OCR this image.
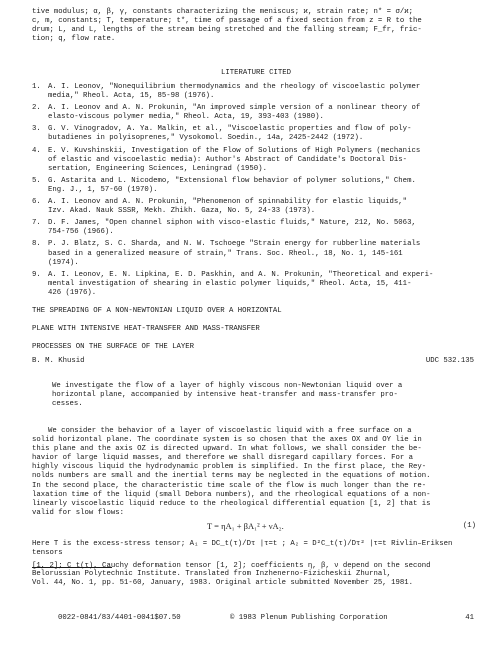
tive modulus; α, β, γ, constants characterizing the meniscus; ϰ, strain rate; n* = σ/ϰ;

c, m, constants; T, temperature; t*, time of passage of a fixed section from z = R to the

drum; L, and L, lengths of the stream being stretched and the falling stream; F_fr, fric-

tion; q, flow rate.

LITERATURE CITED
1. A. I. Leonov, "Nonequilibrium thermodynamics and the rheology of viscoelastic polymer

media," Rheol. Acta, 15, 85-98 (1976).

2. A. I. Leonov and A. N. Prokunin, "An improved simple version of a nonlinear theory of

elasto-viscous polymer media," Rheol. Acta, 19, 393-403 (1980).

3. G. V. Vinogradov, A. Ya. Malkin, et al., "Viscoelastic properties and flow of poly-

butadienes in polyisoprenes," Vysokomol. Soedin., 14a, 2425-2442 (1972).

4. E. V. Kuvshinskii, Investigation of the Flow of Solutions of High Polymers (mechanics

of elastic and viscoelastic media): Author's Abstract of Candidate's Doctoral Dis-

sertation, Engineering Sciences, Leningrad (1950).

5. G. Astarita and L. Nicodemo, "Extensional flow behavior of polymer solutions," Chem.

Eng. J., 1, 57-60 (1970).

6. A. I. Leonov and A. N. Prokunin, "Phenomenon of spinnability for elastic liquids,"

Izv. Akad. Nauk SSSR, Mekh. Zhikh. Gaza, No. 5, 24-33 (1973).

7. D. F. James, "Open channel siphon with visco-elastic fluids," Nature, 212, No. 5063,

754-756 (1966).

8. P. J. Blatz, S. C. Sharda, and N. W. Tschoege "Strain energy for rubberline materials

based in a generalized measure of strain," Trans. Soc. Rheol., 18, No. 1, 145-161

(1974).

9. A. I. Leonov, E. N. Lipkina, E. D. Paskhin, and A. N. Prokunin, "Theoretical and experi-

mental investigation of shearing in elastic polymer liquids," Rheol. Acta, 15, 411-

426 (1976).

THE SPREADING OF A NON-NEWTONIAN LIQUID OVER A HORIZONTAL

PLANE WITH INTENSIVE HEAT-TRANSFER AND MASS-TRANSFER

PROCESSES ON THE SURFACE OF THE LAYER

B. M. Khusid	UDC 532.135

We investigate the flow of a layer of highly viscous non-Newtonian liquid over a

horizontal plane, accompanied by intensive heat-transfer and mass-transfer pro-

cesses.

We consider the behavior of a layer of viscoelastic liquid with a free surface on a

solid horizontal plane. The coordinate system is so chosen that the axes OX and OY lie in

this plane and the axis OZ is directed upward. In what follows, we shall consider the be-

havior of large liquid masses, and therefore we shall disregard capillary forces. For a

highly viscous liquid the hydrodynamic problem is simplified. In the first place, the Rey-

nolds numbers are small and the inertial terms may be neglected in the equations of motion.

In the second place, the characteristic time scale of the flow is much longer than the re-

laxation time of the liquid (small Debora numbers), and the rheological equations of a non-

linearly viscoelastic liquid reduce to the rheological differential equation [1, 2] that is

valid for slow flows:

T = ηA₁ + βA₁² + νA₂.	(1)

Here T is the excess-stress tensor; A₁ = DC_t(τ)/Dτ |τ=t ; A₂ = D²C_t(τ)/Dτ² |τ=t Rivlin–Eriksen tensors

[1, 2]; C_t(τ), Cauchy deformation tensor [1, 2]; coefficients η, β, ν depend on the second

Belorussian Polytechnic Institute. Translated from Inzhenerno-Fizicheskii Zhurnal,

Vol. 44, No. 1, pp. 51-60, January, 1983. Original article submitted November 25, 1981.

0022-0841/83/4401-0041$07.50	© 1983 Plenum Publishing Corporation	41
